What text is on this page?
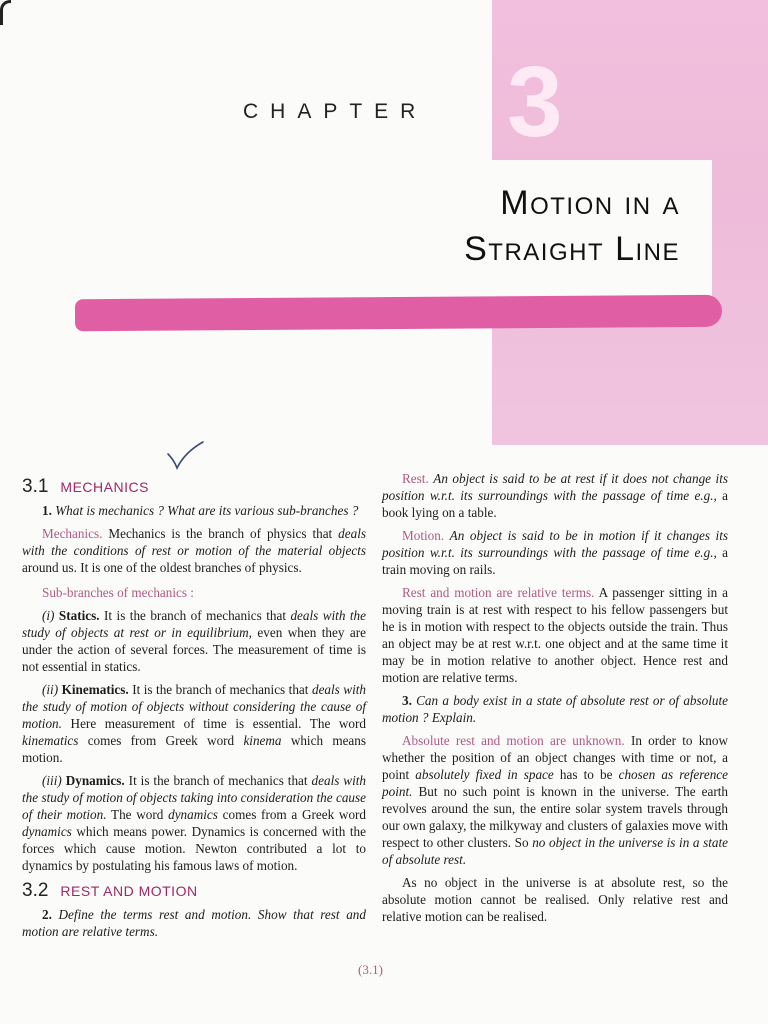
CHAPTER 3
Motion in a
Straight Line
3.1 MECHANICS

1. What is mechanics ? What are its various sub-branches ?

Mechanics. Mechanics is the branch of physics that deals with the conditions of rest or motion of the material objects around us. It is one of the oldest branches of physics.

Sub-branches of mechanics :

(i) Statics. It is the branch of mechanics that deals with the study of objects at rest or in equilibrium, even when they are under the action of several forces. The measurement of time is not essential in statics.

(ii) Kinematics. It is the branch of mechanics that deals with the study of motion of objects without considering the cause of motion. Here measurement of time is essential. The word kinematics comes from Greek word kinema which means motion.

(iii) Dynamics. It is the branch of mechanics that deals with the study of motion of objects taking into consideration the cause of their motion. The word dynamics comes from a Greek word dynamics which means power. Dynamics is concerned with the forces which cause motion. Newton contributed a lot to dynamics by postulating his famous laws of motion.

3.2 REST AND MOTION

2. Define the terms rest and motion. Show that rest and motion are relative terms.

Rest. An object is said to be at rest if it does not change its position w.r.t. its surroundings with the passage of time e.g., a book lying on a table.

Motion. An object is said to be in motion if it changes its position w.r.t. its surroundings with the passage of time e.g., a train moving on rails.

Rest and motion are relative terms. A passenger sitting in a moving train is at rest with respect to his fellow passengers but he is in motion with respect to the objects outside the train. Thus an object may be at rest w.r.t. one object and at the same time it may be in motion relative to another object. Hence rest and motion are relative terms.

3. Can a body exist in a state of absolute rest or of absolute motion ? Explain.

Absolute rest and motion are unknown. In order to know whether the position of an object changes with time or not, a point absolutely fixed in space has to be chosen as reference point. But no such point is known in the universe. The earth revolves around the sun, the entire solar system travels through our own galaxy, the milkyway and clusters of galaxies move with respect to other clusters. So no object in the universe is in a state of absolute rest.

As no object in the universe is at absolute rest, so the absolute motion cannot be realised. Only relative rest and relative motion can be realised.

(3.1)
